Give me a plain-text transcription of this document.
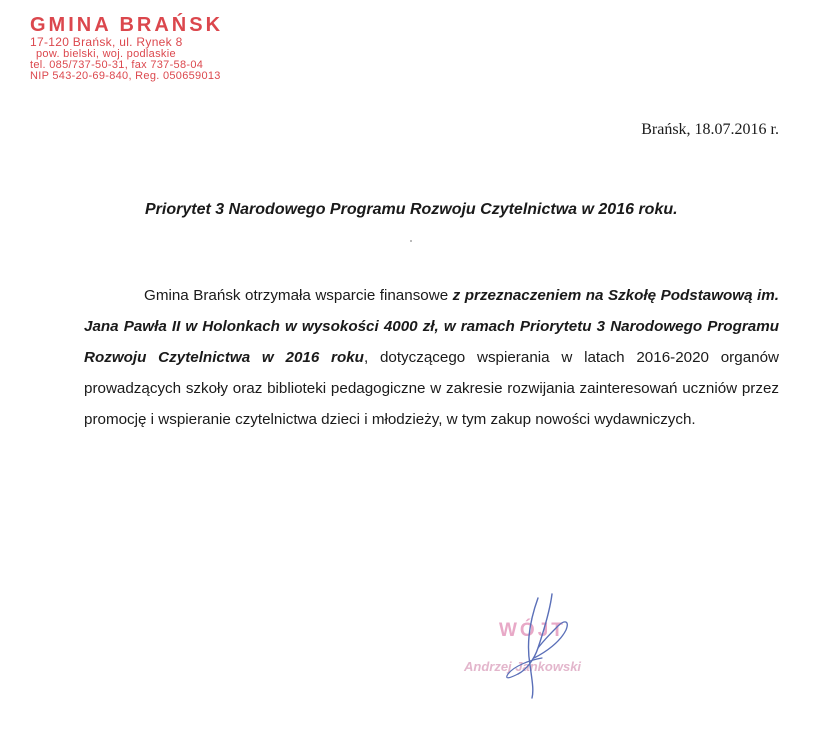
GMINA BRAŃSK
17-120 Brańsk, ul. Rynek 8
pow. bielski, woj. podlaskie
tel. 085/737-50-31, fax 737-58-04
NIP 543-20-69-840, Reg. 050659013
Brańsk, 18.07.2016 r.
Priorytet 3 Narodowego Programu Rozwoju Czytelnictwa w 2016 roku.
Gmina Brańsk otrzymała wsparcie finansowe z przeznaczeniem na Szkołę Podstawową im. Jana Pawła II w Holonkach w wysokości 4000 zł, w ramach Priorytetu 3 Narodowego Programu Rozwoju Czytelnictwa w 2016 roku, dotyczącego wspierania w latach 2016-2020 organów prowadzących szkoły oraz biblioteki pedagogiczne w zakresie rozwijania zainteresowań uczniów przez promocję i wspieranie czytelnictwa dzieci i młodzieży, w tym zakup nowości wydawniczych.
WÓJT
Andrzej Jankowski
